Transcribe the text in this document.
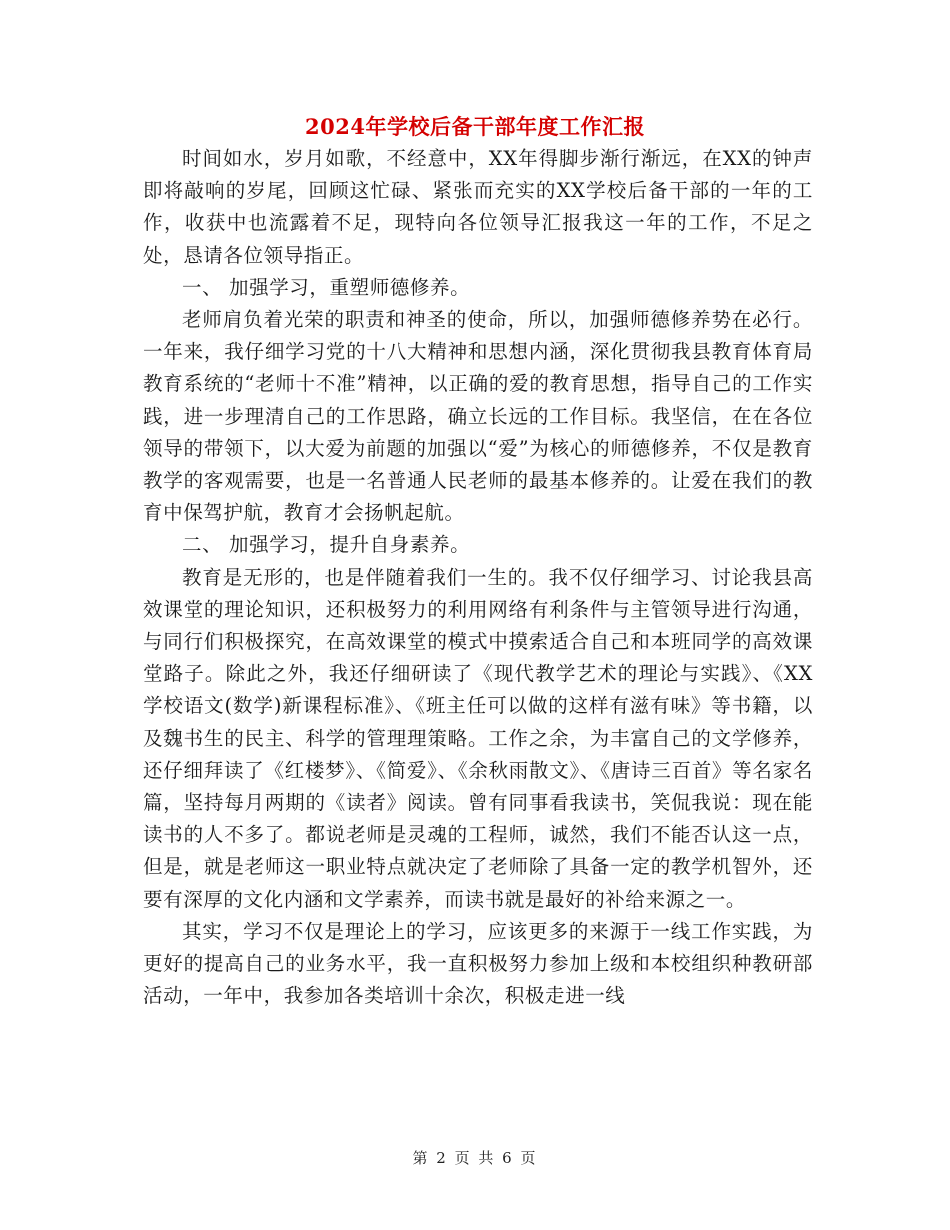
2024年学校后备干部年度工作汇报

时间如水，岁月如歌，不经意中，XX年得脚步渐行渐远，在XX的钟声即将敲响的岁尾，回顾这忙碌、紧张而充实的XX学校后备干部的一年的工作，收获中也流露着不足，现特向各位领导汇报我这一年的工作，不足之处，恳请各位领导指正。

一、 加强学习，重塑师德修养。

老师肩负着光荣的职责和神圣的使命，所以，加强师德修养势在必行。一年来，我仔细学习党的十八大精神和思想内涵，深化贯彻我县教育体育局教育系统的“老师十不准”精神，以正确的爱的教育思想，指导自己的工作实践，进一步理清自己的工作思路，确立长远的工作目标。我坚信，在在各位领导的带领下，以大爱为前题的加强以“爱”为核心的师德修养，不仅是教育教学的客观需要，也是一名普通人民老师的最基本修养的。让爱在我们的教育中保驾护航，教育才会扬帆起航。

二、 加强学习，提升自身素养。

教育是无形的，也是伴随着我们一生的。我不仅仔细学习、讨论我县高效课堂的理论知识，还积极努力的利用网络有利条件与主管领导进行沟通，与同行们积极探究，在高效课堂的模式中摸索适合自己和本班同学的高效课堂路子。除此之外，我还仔细研读了《现代教学艺术的理论与实践》、《XX学校语文(数学)新课程标准》、《班主任可以做的这样有滋有味》等书籍，以及魏书生的民主、科学的管理理策略。工作之余，为丰富自己的文学修养，还仔细拜读了《红楼梦》、《简爱》、《余秋雨散文》、《唐诗三百首》等名家名篇，坚持每月两期的《读者》阅读。曾有同事看我读书，笑侃我说：现在能读书的人不多了。都说老师是灵魂的工程师，诚然，我们不能否认这一点，但是，就是老师这一职业特点就决定了老师除了具备一定的教学机智外，还要有深厚的文化内涵和文学素养，而读书就是最好的补给来源之一。

其实，学习不仅是理论上的学习，应该更多的来源于一线工作实践，为更好的提高自己的业务水平，我一直积极努力参加上级和本校组织种教研部活动，一年中，我参加各类培训十余次，积极走进一线

第 2 页 共 6 页
